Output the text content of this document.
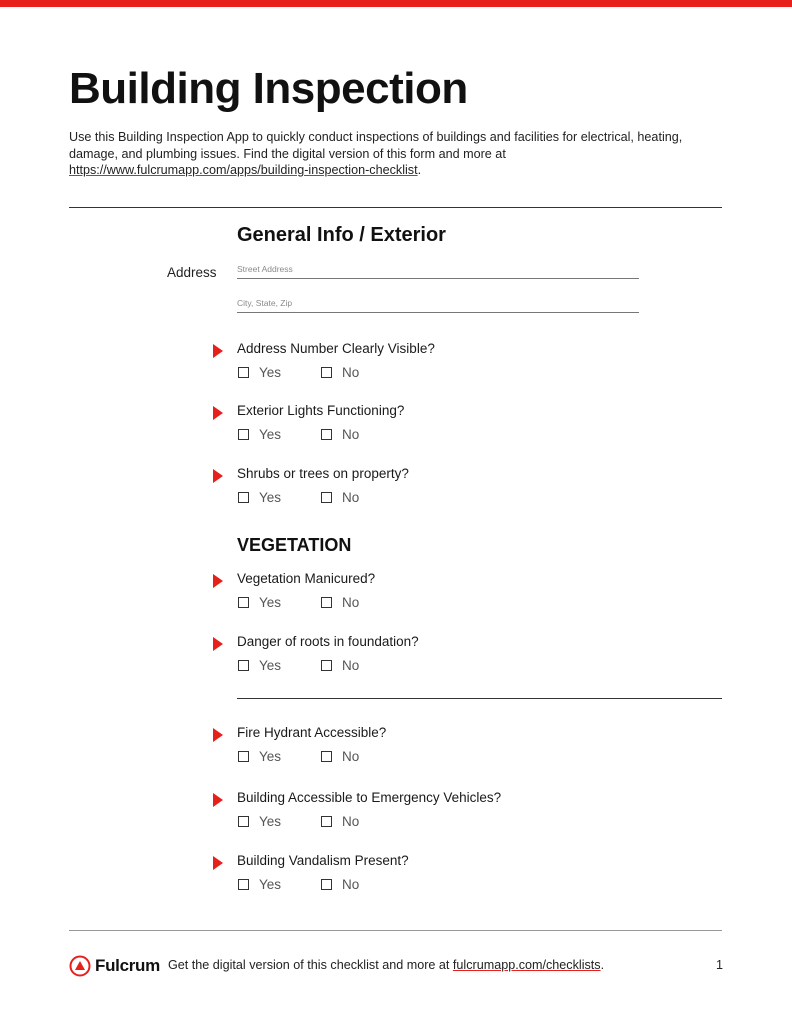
Building Inspection
Use this Building Inspection App to quickly conduct inspections of buildings and facilities for electrical, heating, damage, and plumbing issues. Find the digital version of this form and more at https://www.fulcrumapp.com/apps/building-inspection-checklist.
General Info / Exterior
Address Street Address
City, State, Zip
Address Number Clearly Visible?
Yes	No
Exterior Lights Functioning?
Yes	No
Shrubs or trees on property?
Yes	No
VEGETATION
Vegetation Manicured?
Yes	No
Danger of roots in foundation?
Yes	No
Fire Hydrant Accessible?
Yes	No
Building Accessible to Emergency Vehicles?
Yes	No
Building Vandalism Present?
Yes	No
Fulcrum Get the digital version of this checklist and more at fulcrumapp.com/checklists.	1
